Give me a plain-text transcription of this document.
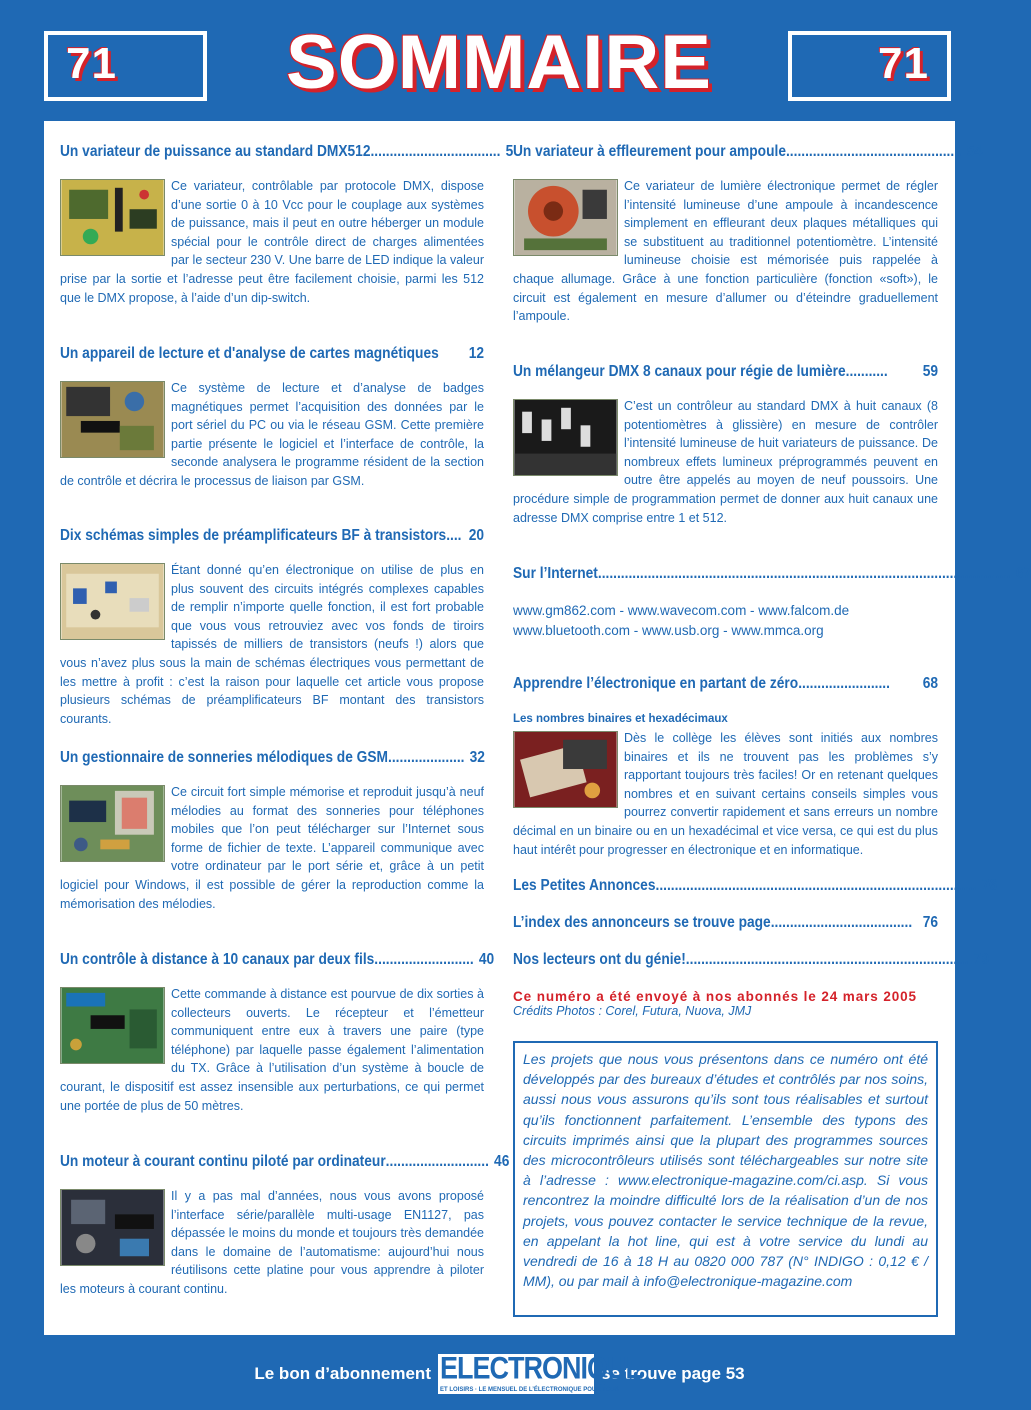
71	SOMMAIRE	71
Un variateur de puissance au standard DMX512 .................................. 5
Ce variateur, contrôlable par protocole DMX, dispose d’une sortie 0 à 10 Vcc pour le couplage aux systèmes de puissance, mais il peut en outre héberger un module spécial pour le contrôle direct de charges alimentées par le secteur 230 V. Une barre de LED indique la valeur prise par la sortie et l’adresse peut être facilement choisie, parmi les 512 que le DMX propose, à l’aide d’un dip-switch.
Un appareil de lecture et d'analyse de cartes magnétiques	12
Ce système de lecture et d’analyse de badges magnétiques permet l’acquisition des données par le port sériel du PC ou via le réseau GSM. Cette première partie présente le logiciel et l’interface de contrôle, la seconde analysera le programme résident de la section de contrôle et décrira le processus de liaison par GSM.
Dix schémas simples de préamplificateurs BF à transistors .... 20
Étant donné qu’en électronique on utilise de plus en plus souvent des circuits intégrés complexes capables de remplir n’importe quelle fonction, il est fort probable que vous vous retrouviez avec vos fonds de tiroirs tapissés de milliers de transistors (neufs !) alors que vous n’avez plus sous la main de schémas électriques vous permettant de les mettre à profit : c’est la raison pour laquelle cet article vous propose plusieurs schémas de préamplificateurs BF montant des transistors courants.
Un gestionnaire de sonneries mélodiques de GSM .................... 32
Ce circuit fort simple mémorise et reproduit jusqu’à neuf mélodies au format des sonneries pour téléphones mobiles que l’on peut télécharger sur l’Internet sous forme de fichier de texte. L’appareil communique avec votre ordinateur par le port série et, grâce à un petit logiciel pour Windows, il est possible de gérer la reproduction comme la mémorisation des mélodies.
Un contrôle à distance à 10 canaux par deux fils .......................... 40
Cette commande à distance est pourvue de dix sorties à collecteurs ouverts. Le récepteur et l’émetteur communiquent entre eux à travers une paire (type téléphone) par laquelle passe également l’alimentation du TX. Grâce à l’utilisation d’un système à boucle de courant, le dispositif est assez insensible aux perturbations, ce qui permet une portée de plus de 50 mètres.
Un moteur à courant continu piloté par ordinateur ........................... 46
Il y a pas mal d’années, nous vous avons proposé l’interface série/parallèle multi-usage EN1127, pas dépassée le moins du monde et toujours très demandée dans le domaine de l’automatisme: aujourd’hui nous réutilisons cette platine pour vous apprendre à piloter les moteurs à courant continu.
Un variateur à effleurement pour ampoule .............................................. 54
Ce variateur de lumière électronique permet de régler l’intensité lumineuse d’une ampoule à incandescence simplement en effleurant deux plaques métalliques qui se substituent au traditionnel potentiomètre. L’intensité lumineuse choisie est mémorisée puis rappelée à chaque allumage. Grâce à une fonction particulière (fonction «soft»), le circuit est également en mesure d’allumer ou d’éteindre graduellement l’ampoule.
Un mélangeur DMX 8 canaux pour régie de lumière ...........	59
C’est un contrôleur au standard DMX à huit canaux (8 potentiomètres à glissière) en mesure de contrôler l’intensité lumineuse de huit variateurs de puissance. De nombreux effets lumineux préprogrammés peuvent en outre être appelés au moyen de neuf poussoirs. Une procédure simple de programmation permet de donner aux huit canaux une adresse DMX comprise entre 1 et 512.
Sur l’Internet ............................................................................................................ 67
www.gm862.com - www.wavecom.com - www.falcom.de
www.bluetooth.com - www.usb.org - www.mmca.org
Apprendre l’électronique en partant de zéro ........................	68
Les nombres binaires et hexadécimaux
Dès le collège les élèves sont initiés aux nombres binaires et ils ne trouvent pas les problèmes s’y rapportant toujours très faciles! Or en retenant quelques nombres et en suivant certains conseils simples vous pourrez convertir rapidement et sans erreurs un nombre décimal en un binaire ou en un hexadécimal et vice versa, ce qui est du plus haut intérêt pour progresser en électronique et en informatique.
Les Petites Annonces .................................................................................... 76
L’index des annonceurs se trouve page ..................................... 76
Nos lecteurs ont du génie! .......................................................................... 79
Ce numéro a été envoyé à nos abonnés le 24 mars 2005
Crédits Photos : Corel, Futura, Nuova, JMJ
Les projets que nous vous présentons dans ce numéro ont été développés par des bureaux d’études et contrôlés par nos soins, aussi nous vous assurons qu’ils sont tous réalisables et surtout qu’ils fonctionnent parfaitement. L’ensemble des typons des circuits imprimés ainsi que la plupart des programmes sources des microcontrôleurs utilisés sont téléchargeables sur notre site à l’adresse : www.electronique-magazine.com/ci.asp. Si vous rencontrez la moindre difficulté lors de la réalisation d’un de nos projets, vous pouvez contacter le service technique de la revue, en appelant la hot line, qui est à votre service du lundi au vendredi de 16 à 18 H au 0820 000 787 (N° INDIGO : 0,12 € / MM), ou par mail à info@electronique-magazine.com
Le bon d’abonnement ELECTRONIQUE
ET LOISIRS · LE MENSUEL DE L’ÉLECTRONIQUE POUR TOUS
se trouve page 53
